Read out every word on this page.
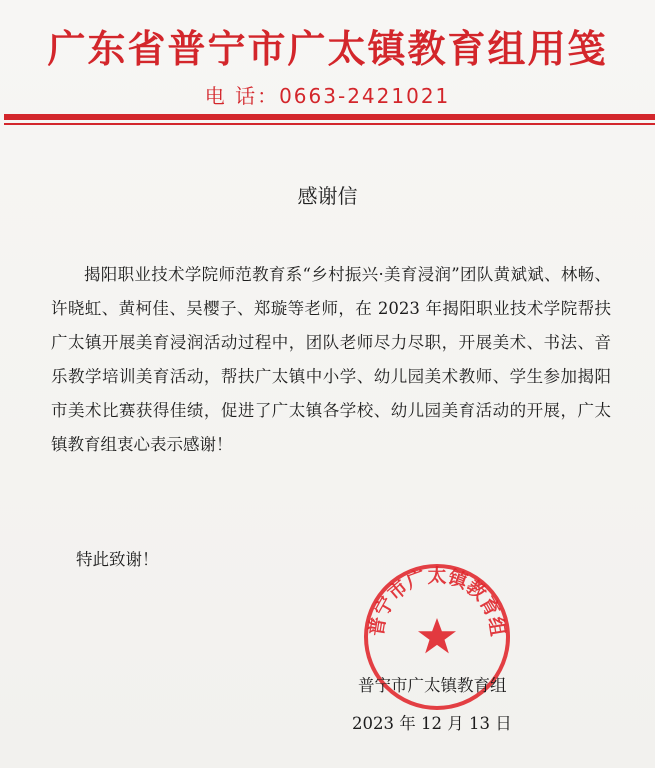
广东省普宁市广太镇教育组用笺
电 话：0663-2421021
感谢信

揭阳职业技术学院师范教育系“乡村振兴·美育浸润”团队黄斌斌、林畅、许晓虹、黄柯佳、吴樱子、郑璇等老师，在 2023 年揭阳职业技术学院帮扶广太镇开展美育浸润活动过程中，团队老师尽力尽职，开展美术、书法、音乐教学培训美育活动，帮扶广太镇中小学、幼儿园美术教师、学生参加揭阳市美术比赛获得佳绩，促进了广太镇各学校、幼儿园美育活动的开展，广太镇教育组衷心表示感谢！

特此致谢！
普宁市广太镇教育组
普宁市广太镇教育组
2023 年 12 月 13 日
